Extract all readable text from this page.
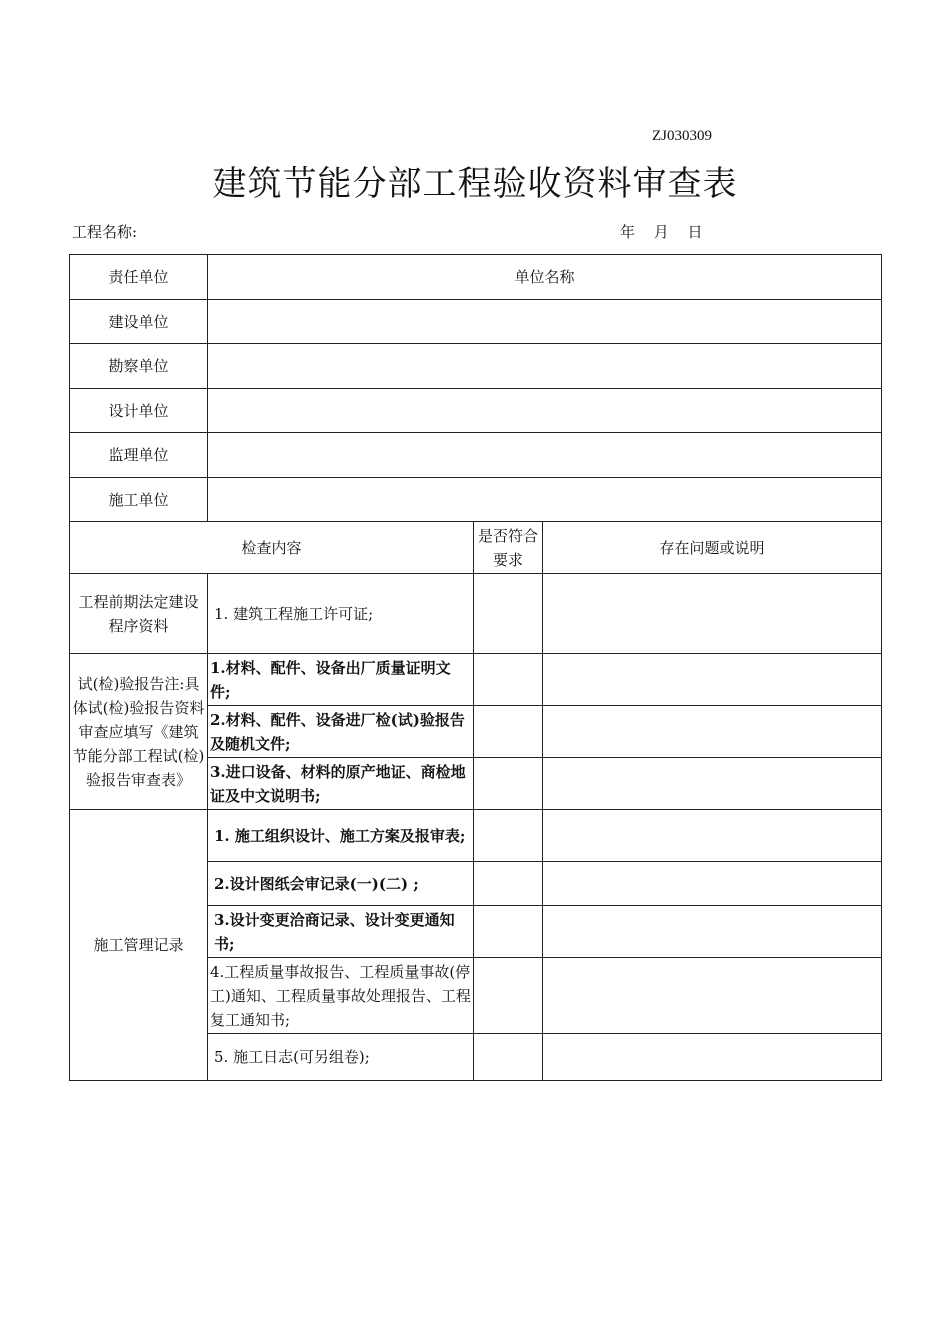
ZJ030309
建筑节能分部工程验收资料审查表
工程名称:	年 月 日
责任单位	单位名称		
建设单位			
勘察单位			
设计单位			
监理单位			
施工单位			
检查内容		是否符合要求	存在问题或说明
工程前期法定建设程序资料	1. 建筑工程施工许可证;		
试(检)验报告注:具体试(检)验报告资料审查应填写《建筑节能分部工程试(检)验报告审查表》	1.材料、配件、设备出厂质量证明文件;		
	2.材料、配件、设备进厂检(试)验报告及随机文件;		
	3.进口设备、材料的原产地证、商检地证及中文说明书;		
施工管理记录	1. 施工组织设计、施工方案及报审表;		
	2.设计图纸会审记录(一)(二) ;		
	3.设计变更洽商记录、设计变更通知书;		
	4.工程质量事故报告、工程质量事故(停工)通知、工程质量事故处理报告、工程复工通知书;		
	5. 施工日志(可另组卷);		
